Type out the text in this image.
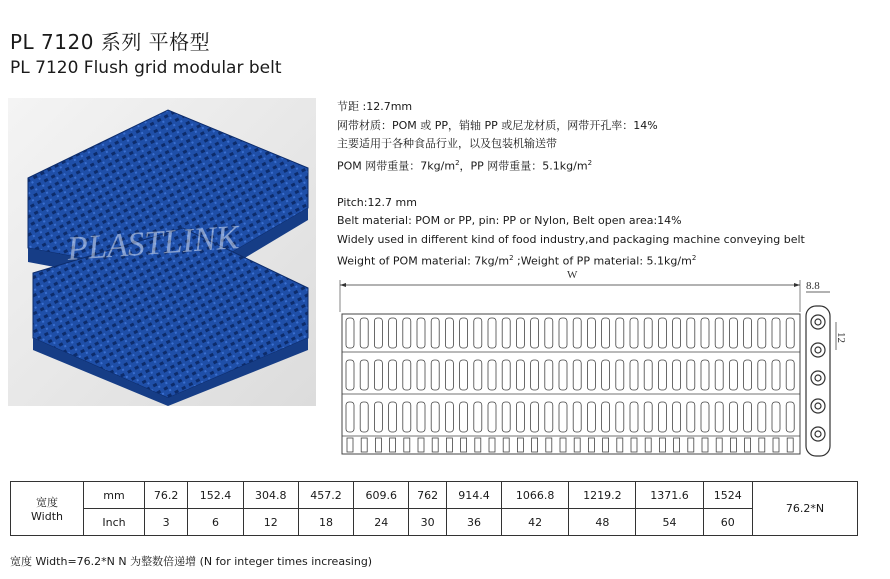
PL 7120 系列 平格型
PL 7120 Flush grid modular belt
PLASTLINK
节距 :12.7mm
网带材质：POM 或 PP，销轴 PP 或尼龙材质，网带开孔率：14%
主要适用于各种食品行业，以及包装机输送带
POM 网带重量：$7kg/m^2$，PP 网带重量：$5.1kg/m^2$
Pitch:12.7 mm
Belt material: POM or PP, pin: PP or Nylon, Belt open area:14%
Widely used in different kind of food industry,and packaging machine conveying belt
Weight of POM material: $7kg/m^2$ ;Weight of PP material: $5.1kg/m^2$
W
8.8
12
宽度
Width	mm	76.2	152.4	304.8	457.2	609.6	762	914.4	1066.8	1219.2	1371.6	1524	76.2*N
	Inch	3	6	12	18	24	30	36	42	48	54	60	
宽度 Width=76.2*N N 为整数倍递增 (N for integer times increasing)
